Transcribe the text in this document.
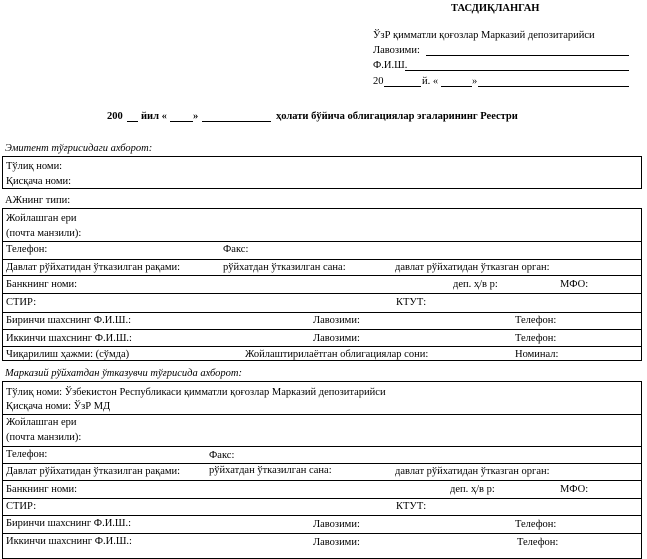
ТАСДИҚЛАНГАН
ЎзР қимматли қоғозлар Марказий депозитарийси
Лавозими:
Ф.И.Ш.
20	й. «	»
200 йил « »	ҳолати бўйича облигациялар эгаларининг Реестри
Эмитент тўғрисидаги ахборот:
Тўлиқ номи:
Қисқача номи:
АЖнинг типи:
Жойлашган ери
(почта манзили):
Телефон:	Факс:
Давлат рўйхатидан ўтказилган рақами:	рўйхатдан ўтказилган сана:	давлат рўйхатидан ўтказган орган:
Банкнинг номи:	деп. ҳ/в р:	МФО:
СТИР:	КТУТ:
Биринчи шахснинг Ф.И.Ш.:	Лавозими:	Телефон:
Иккинчи шахснинг Ф.И.Ш.:	Лавозими:	Телефон:
Чиқарилиш ҳажми: (сўмда)	Жойлаштирилаётган облигациялар сони:	Номинал:
Марказий рўйхатдан ўтказувчи тўғрисида ахборот:
Тўлиқ номи: Ўзбекистон Республикаси қимматли қоғозлар Марказий депозитарийси
Қисқача номи: ЎзР МД
Жойлашган ери
(почта манзили):
Телефон:	Факс:
Давлат рўйхатидан ўтказилган рақами:	рўйхатдан ўтказилган сана:	давлат рўйхатидан ўтказган орган:
Банкнинг номи:	деп. ҳ/в р:	МФО:
СТИР:	КТУТ:
Биринчи шахснинг Ф.И.Ш.:	Лавозими:	Телефон:
Иккинчи шахснинг Ф.И.Ш.:	Лавозими:	Телефон:
